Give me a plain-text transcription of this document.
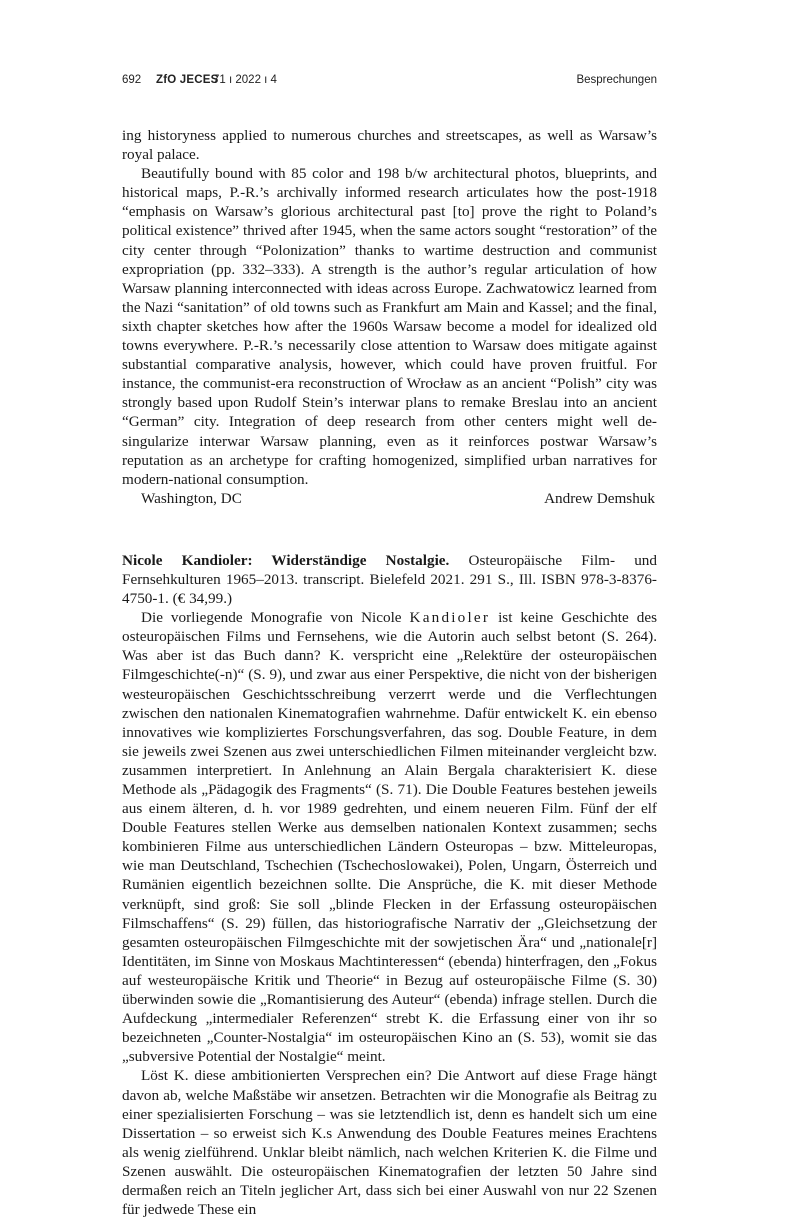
692 ZfO JECES
71 ı 2022 ı 4	Besprechungen

ing historyness applied to numerous churches and streetscapes, as well as Warsaw’s royal palace.

Beautifully bound with 85 color and 198 b/w architectural photos, blueprints, and historical maps, P.-R.’s archivally informed research articulates how the post-1918 “emphasis on Warsaw’s glorious architectural past [to] prove the right to Poland’s political existence” thrived after 1945, when the same actors sought “restoration” of the city center through “Polonization” thanks to wartime destruction and communist expropriation (pp. 332–333). A strength is the author’s regular articulation of how Warsaw planning interconnected with ideas across Europe. Zachwatowicz learned from the Nazi “sanitation” of old towns such as Frankfurt am Main and Kassel; and the final, sixth chapter sketches how after the 1960s Warsaw become a model for idealized old towns everywhere. P.-R.’s necessarily close attention to Warsaw does mitigate against substantial comparative analysis, however, which could have proven fruitful. For instance, the communist-era reconstruction of Wrocław as an ancient “Polish” city was strongly based upon Rudolf Stein’s interwar plans to remake Breslau into an ancient “German” city. Integration of deep research from other centers might well de-singularize interwar Warsaw planning, even as it reinforces postwar Warsaw’s reputation as an archetype for crafting homogenized, simplified urban narratives for modern-national consumption.

Washington, DC	Andrew Demshuk

Nicole Kandioler: Widerständige Nostalgie. Osteuropäische Film- und Fernsehkulturen 1965–2013. transcript. Bielefeld 2021. 291 S., Ill. ISBN 978-3-8376-4750-1. (€ 34,99.)

Die vorliegende Monografie von Nicole Kandioler ist keine Geschichte des osteuropäischen Films und Fernsehens, wie die Autorin auch selbst betont (S. 264). Was aber ist das Buch dann? K. verspricht eine „Relektüre der osteuropäischen Filmgeschichte(-n)“ (S. 9), und zwar aus einer Perspektive, die nicht von der bisherigen westeuropäischen Geschichtsschreibung verzerrt werde und die Verflechtungen zwischen den nationalen Kinematografien wahrnehme. Dafür entwickelt K. ein ebenso innovatives wie kompliziertes Forschungsverfahren, das sog. Double Feature, in dem sie jeweils zwei Szenen aus zwei unterschiedlichen Filmen miteinander vergleicht bzw. zusammen interpretiert. In Anlehnung an Alain Bergala charakterisiert K. diese Methode als „Pädagogik des Fragments“ (S. 71). Die Double Features bestehen jeweils aus einem älteren, d. h. vor 1989 gedrehten, und einem neueren Film. Fünf der elf Double Features stellen Werke aus demselben nationalen Kontext zusammen; sechs kombinieren Filme aus unterschiedlichen Ländern Osteuropas – bzw. Mitteleuropas, wie man Deutschland, Tschechien (Tschechoslowakei), Polen, Ungarn, Österreich und Rumänien eigentlich bezeichnen sollte. Die Ansprüche, die K. mit dieser Methode verknüpft, sind groß: Sie soll „blinde Flecken in der Erfassung osteuropäischen Filmschaffens“ (S. 29) füllen, das historiografische Narrativ der „Gleichsetzung der gesamten osteuropäischen Filmgeschichte mit der sowjetischen Ära“ und „nationale[r] Identitäten, im Sinne von Moskaus Machtinteressen“ (ebenda) hinterfragen, den „Fokus auf westeuropäische Kritik und Theorie“ in Bezug auf osteuropäische Filme (S. 30) überwinden sowie die „Romantisierung des Auteur“ (ebenda) infrage stellen. Durch die Aufdeckung „intermedialer Referenzen“ strebt K. die Erfassung einer von ihr so bezeichneten „Counter-Nostalgia“ im osteuropäischen Kino an (S. 53), womit sie das „subversive Potential der Nostalgie“ meint.

Löst K. diese ambitionierten Versprechen ein? Die Antwort auf diese Frage hängt davon ab, welche Maßstäbe wir ansetzen. Betrachten wir die Monografie als Beitrag zu einer spezialisierten Forschung – was sie letztendlich ist, denn es handelt sich um eine Dissertation – so erweist sich K.s Anwendung des Double Features meines Erachtens als wenig zielführend. Unklar bleibt nämlich, nach welchen Kriterien K. die Filme und Szenen auswählt. Die osteuropäischen Kinematografien der letzten 50 Jahre sind dermaßen reich an Titeln jeglicher Art, dass sich bei einer Auswahl von nur 22 Szenen für jedwede These ein
